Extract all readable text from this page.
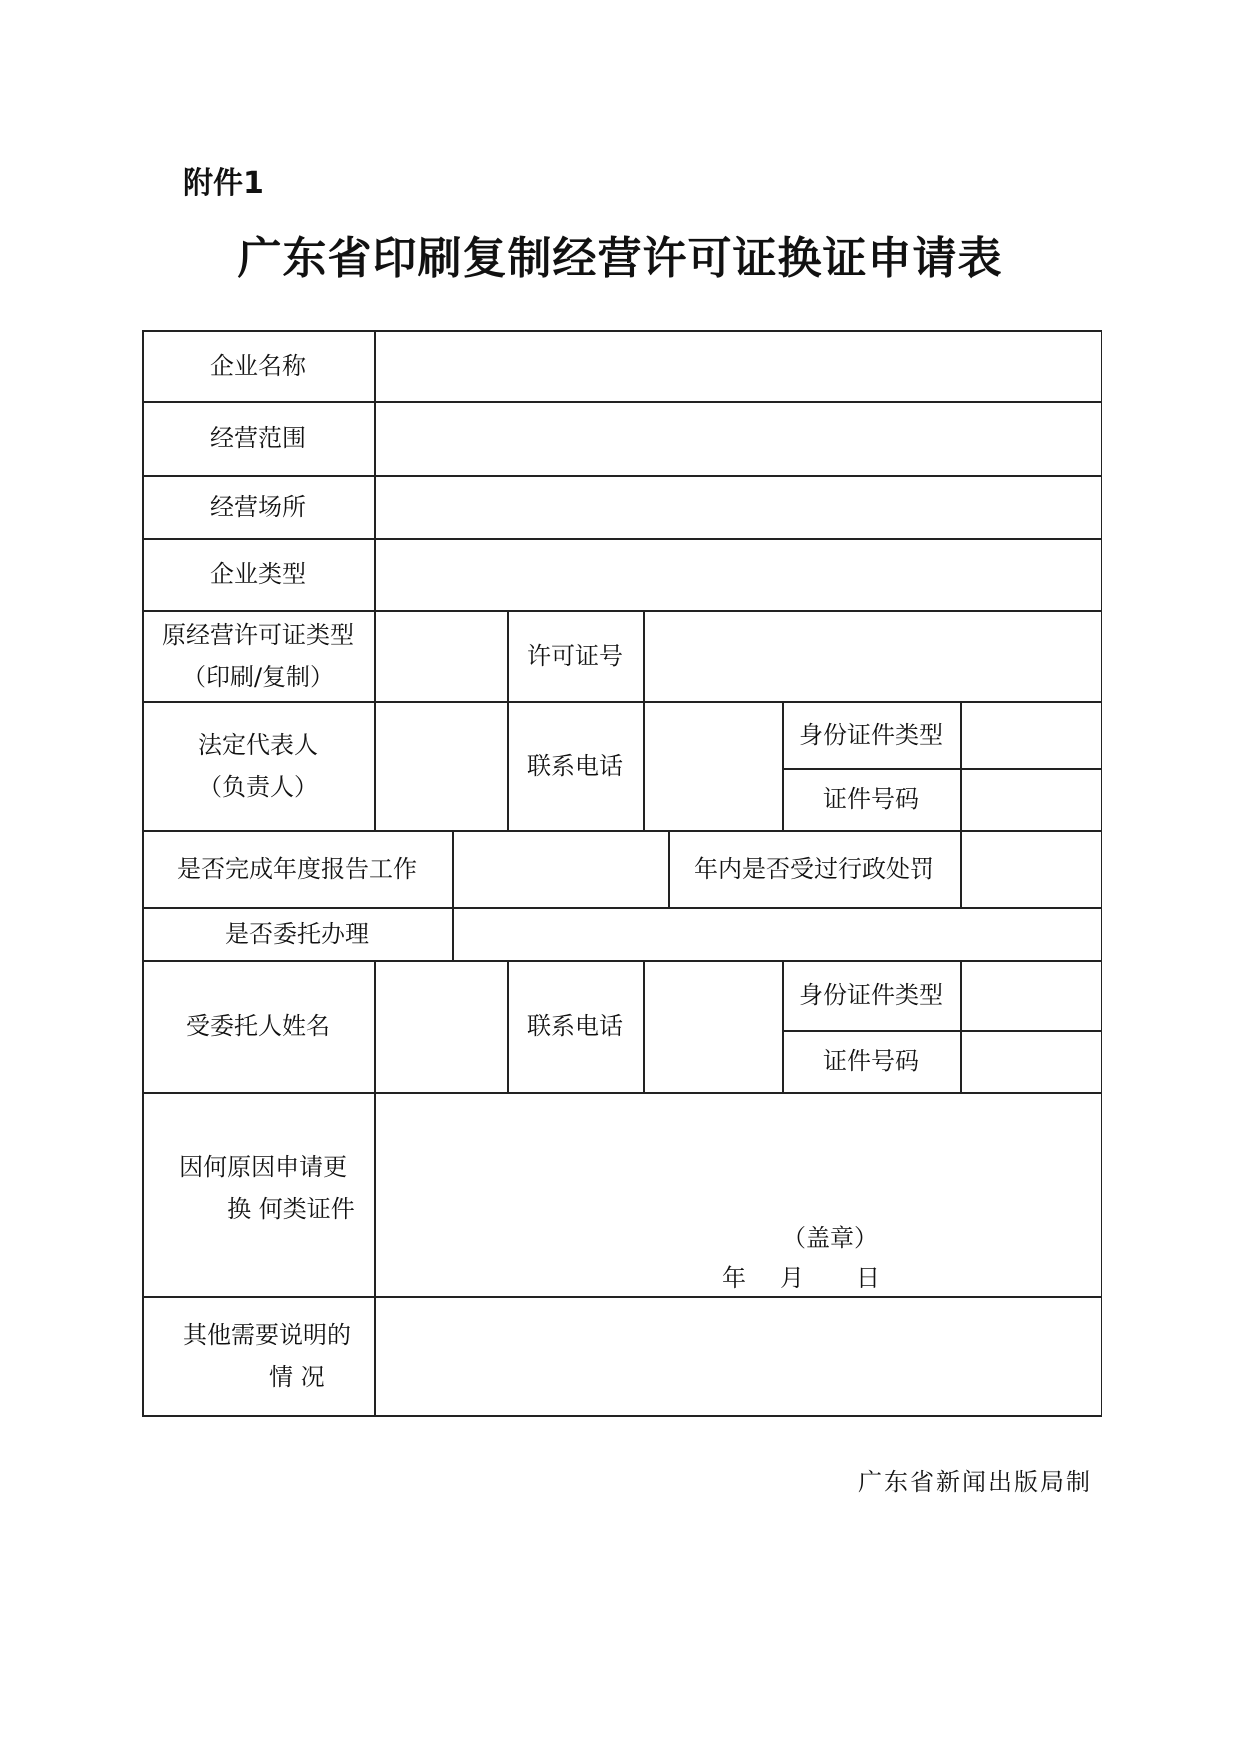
附件1
广东省印刷复制经营许可证换证申请表
企业名称
经营范围
经营场所
企业类型
原经营许可证类型
（印刷/复制）
许可证号
法定代表人
（负责人）
联系电话
身份证件类型
证件号码
是否完成年度报告工作	年内是否受过行政处罚
是否委托办理
受委托人姓名	联系电话
身份证件类型
证件号码
因何原因申请更
换 何类证件
（盖章）
年 月 日
其他需要说明的
情 况
广东省新闻出版局制
